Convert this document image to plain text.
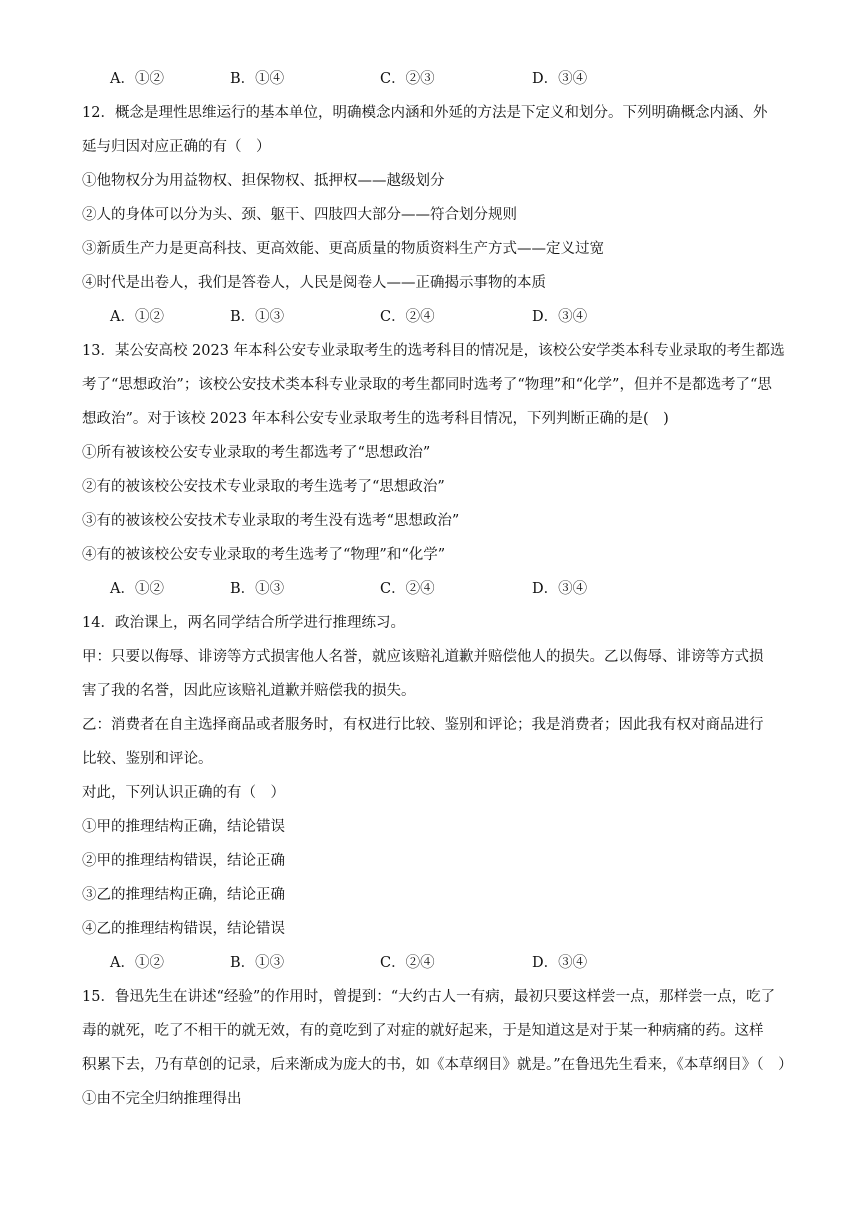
A．①②	B．①④	C．②③	D．③④

12．概念是理性思维运行的基本单位，明确模念内涵和外延的方法是下定义和划分。下列明确概念内涵、外

延与归因对应正确的有（　）

①他物权分为用益物权、担保物权、抵押权——越级划分

②人的身体可以分为头、颈、躯干、四肢四大部分——符合划分规则

③新质生产力是更高科技、更高效能、更高质量的物质资料生产方式——定义过宽

④时代是出卷人，我们是答卷人，人民是阅卷人——正确揭示事物的本质

A．①②	B．①③	C．②④	D．③④

13．某公安高校 2023 年本科公安专业录取考生的选考科目的情况是，该校公安学类本科专业录取的考生都选

考了“思想政治”；该校公安技术类本科专业录取的考生都同时选考了“物理”和“化学”，但并不是都选考了“思

想政治”。对于该校 2023 年本科公安专业录取考生的选考科目情况，下列判断正确的是(　)

①所有被该校公安专业录取的考生都选考了“思想政治”

②有的被该校公安技术专业录取的考生选考了“思想政治”

③有的被该校公安技术专业录取的考生没有选考“思想政治”

④有的被该校公安专业录取的考生选考了“物理”和“化学”

A．①②	B．①③	C．②④	D．③④

14．政治课上，两名同学结合所学进行推理练习。

甲：只要以侮辱、诽谤等方式损害他人名誉，就应该赔礼道歉并赔偿他人的损失。乙以侮辱、诽谤等方式损

害了我的名誉，因此应该赔礼道歉并赔偿我的损失。

乙：消费者在自主选择商品或者服务时，有权进行比较、鉴别和评论；我是消费者；因此我有权对商品进行

比较、鉴别和评论。

对此，下列认识正确的有（　）

①甲的推理结构正确，结论错误

②甲的推理结构错误，结论正确

③乙的推理结构正确，结论正确

④乙的推理结构错误，结论错误

A．①②	B．①③	C．②④	D．③④

15．鲁迅先生在讲述“经验”的作用时，曾提到：“大约古人一有病，最初只要这样尝一点，那样尝一点，吃了

毒的就死，吃了不相干的就无效，有的竟吃到了对症的就好起来，于是知道这是对于某一种病痛的药。这样

积累下去，乃有草创的记录，后来渐成为庞大的书，如《本草纲目》就是。”在鲁迅先生看来，《本草纲目》（　）

①由不完全归纳推理得出
